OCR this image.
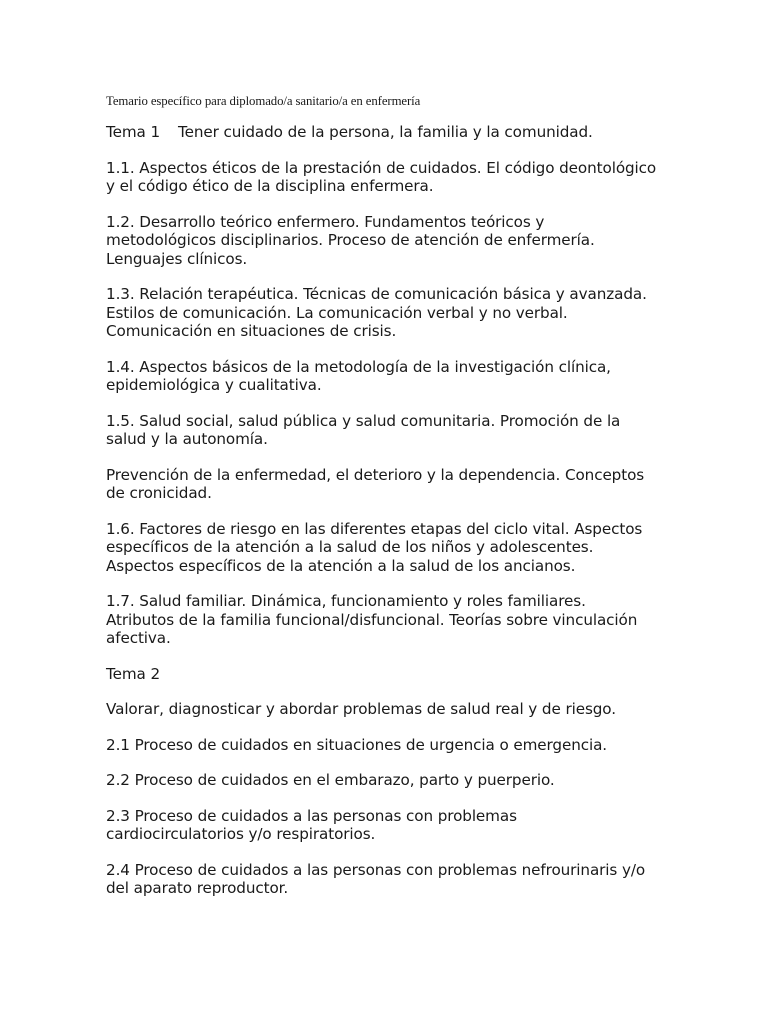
Temario específico para diplomado/a sanitario/a en enfermería
Tema 1 Tener cuidado de la persona, la familia y la comunidad.
1.1. Aspectos éticos de la prestación de cuidados. El código deontológico
y el código ético de la disciplina enfermera.
1.2. Desarrollo teórico enfermero. Fundamentos teóricos y
metodológicos disciplinarios. Proceso de atención de enfermería.
Lenguajes clínicos.
1.3. Relación terapéutica. Técnicas de comunicación básica y avanzada.
Estilos de comunicación. La comunicación verbal y no verbal.
Comunicación en situaciones de crisis.
1.4. Aspectos básicos de la metodología de la investigación clínica,
epidemiológica y cualitativa.
1.5. Salud social, salud pública y salud comunitaria. Promoción de la
salud y la autonomía.
Prevención de la enfermedad, el deterioro y la dependencia. Conceptos
de cronicidad.
1.6. Factores de riesgo en las diferentes etapas del ciclo vital. Aspectos
específicos de la atención a la salud de los niños y adolescentes.
Aspectos específicos de la atención a la salud de los ancianos.
1.7. Salud familiar. Dinámica, funcionamiento y roles familiares.
Atributos de la familia funcional/disfuncional. Teorías sobre vinculación
afectiva.
Tema 2
Valorar, diagnosticar y abordar problemas de salud real y de riesgo.
2.1 Proceso de cuidados en situaciones de urgencia o emergencia.
2.2 Proceso de cuidados en el embarazo, parto y puerperio.
2.3 Proceso de cuidados a las personas con problemas
cardiocirculatorios y/o respiratorios.
2.4 Proceso de cuidados a las personas con problemas nefrourinaris y/o
del aparato reproductor.
